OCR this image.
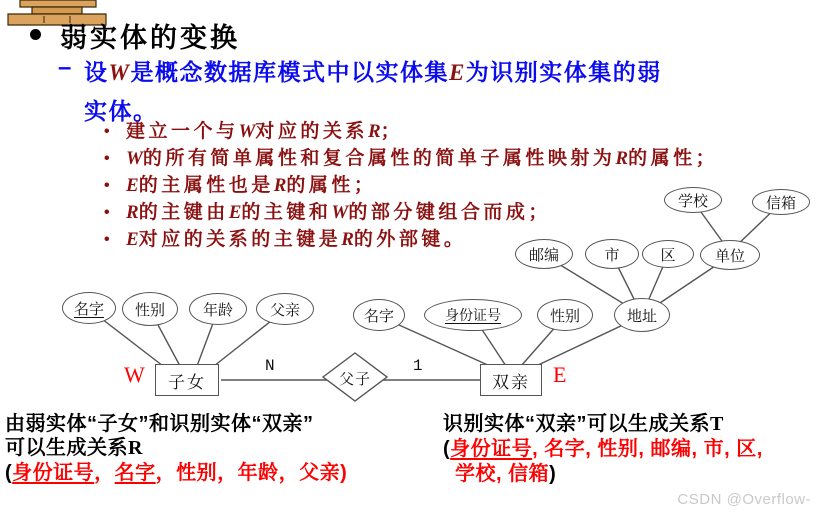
弱实体的变换
– 设W是概念数据库模式中以实体集E为识别实体集的弱
实体。
• 建立一个与W对应的关系R；
• W的所有简单属性和复合属性的简单子属性映射为R的属性；
• E的主属性也是R的属性；
• R的主键由E的主键和W的部分键组合而成；
• E对应的关系的主键是R的外部键。
名字 性别	年龄 父亲	名字	身份证号	性别	地址
邮编	市	区	单位
学校	信箱
W 子女
N
父子
1
双亲 E
由弱实体“子女”和识别实体“双亲”
可以生成关系R
(身份证号，名字，性别，年龄，父亲)
识别实体“双亲”可以生成关系T
(身份证号, 名字, 性别, 邮编, 市, 区,
学校, 信箱)
CSDN @Overflow-
